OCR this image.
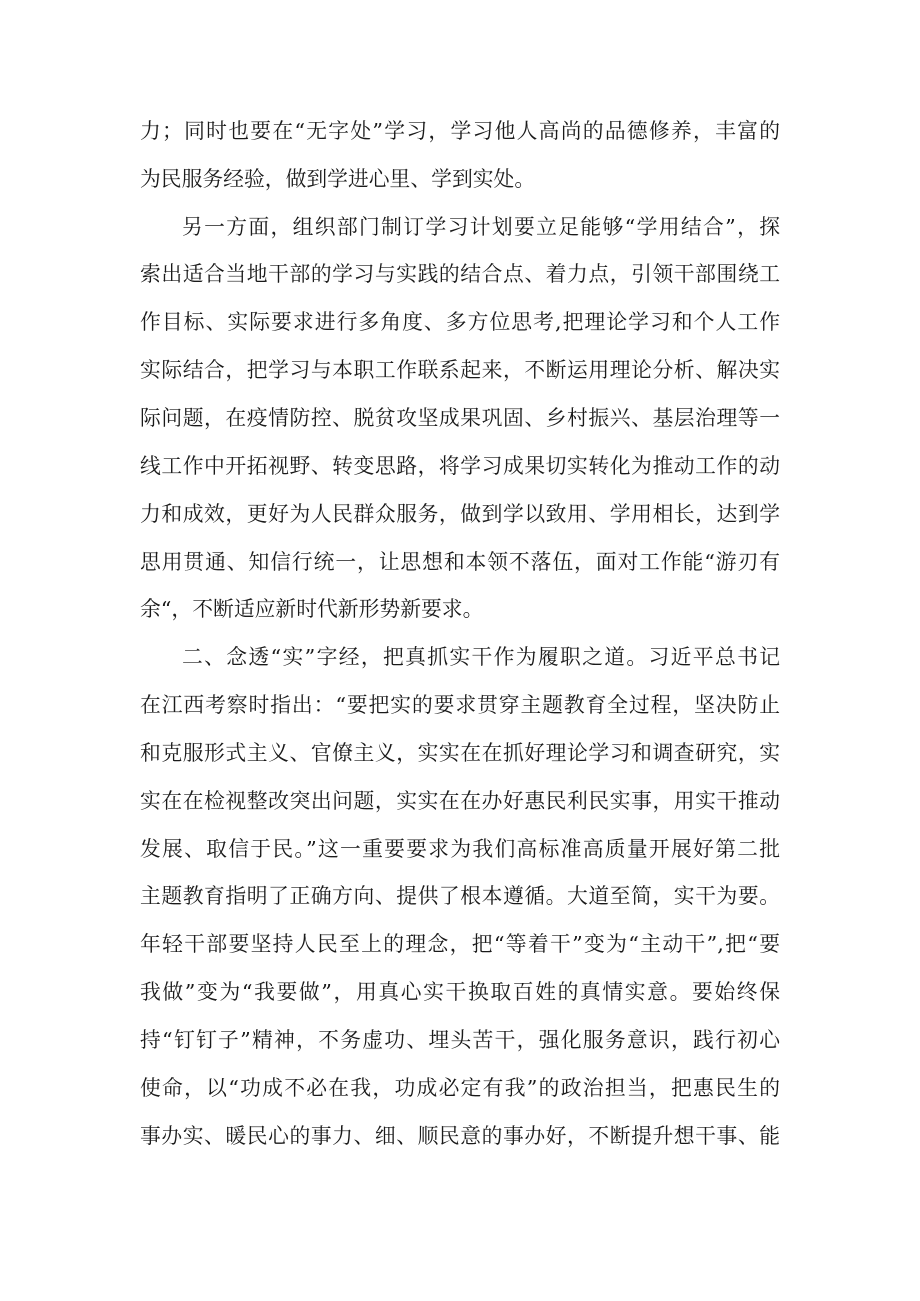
力；同时也要在“无字处”学习，学习他人高尚的品德修养，丰富的
为民服务经验，做到学进心里、学到实处。
另一方面，组织部门制订学习计划要立足能够“学用结合”，探
索出适合当地干部的学习与实践的结合点、着力点，引领干部围绕工
作目标、实际要求进行多角度、多方位思考,把理论学习和个人工作
实际结合，把学习与本职工作联系起来，不断运用理论分析、解决实
际问题，在疫情防控、脱贫攻坚成果巩固、乡村振兴、基层治理等一
线工作中开拓视野、转变思路，将学习成果切实转化为推动工作的动
力和成效，更好为人民群众服务，做到学以致用、学用相长，达到学
思用贯通、知信行统一，让思想和本领不落伍，面对工作能“游刃有
余“，不断适应新时代新形势新要求。
二、念透“实”字经，把真抓实干作为履职之道。习近平总书记
在江西考察时指出：“要把实的要求贯穿主题教育全过程，坚决防止
和克服形式主义、官僚主义，实实在在抓好理论学习和调查研究，实
实在在检视整改突出问题，实实在在办好惠民利民实事，用实干推动
发展、取信于民。”这一重要要求为我们高标准高质量开展好第二批
主题教育指明了正确方向、提供了根本遵循。大道至简，实干为要。
年轻干部要坚持人民至上的理念，把“等着干”变为“主动干”,把“要
我做”变为“我要做”，用真心实干换取百姓的真情实意。要始终保
持“钉钉子”精神，不务虚功、埋头苦干，强化服务意识，践行初心
使命，以“功成不必在我，功成必定有我”的政治担当，把惠民生的
事办实、暖民心的事力、细、顺民意的事办好，不断提升想干事、能
